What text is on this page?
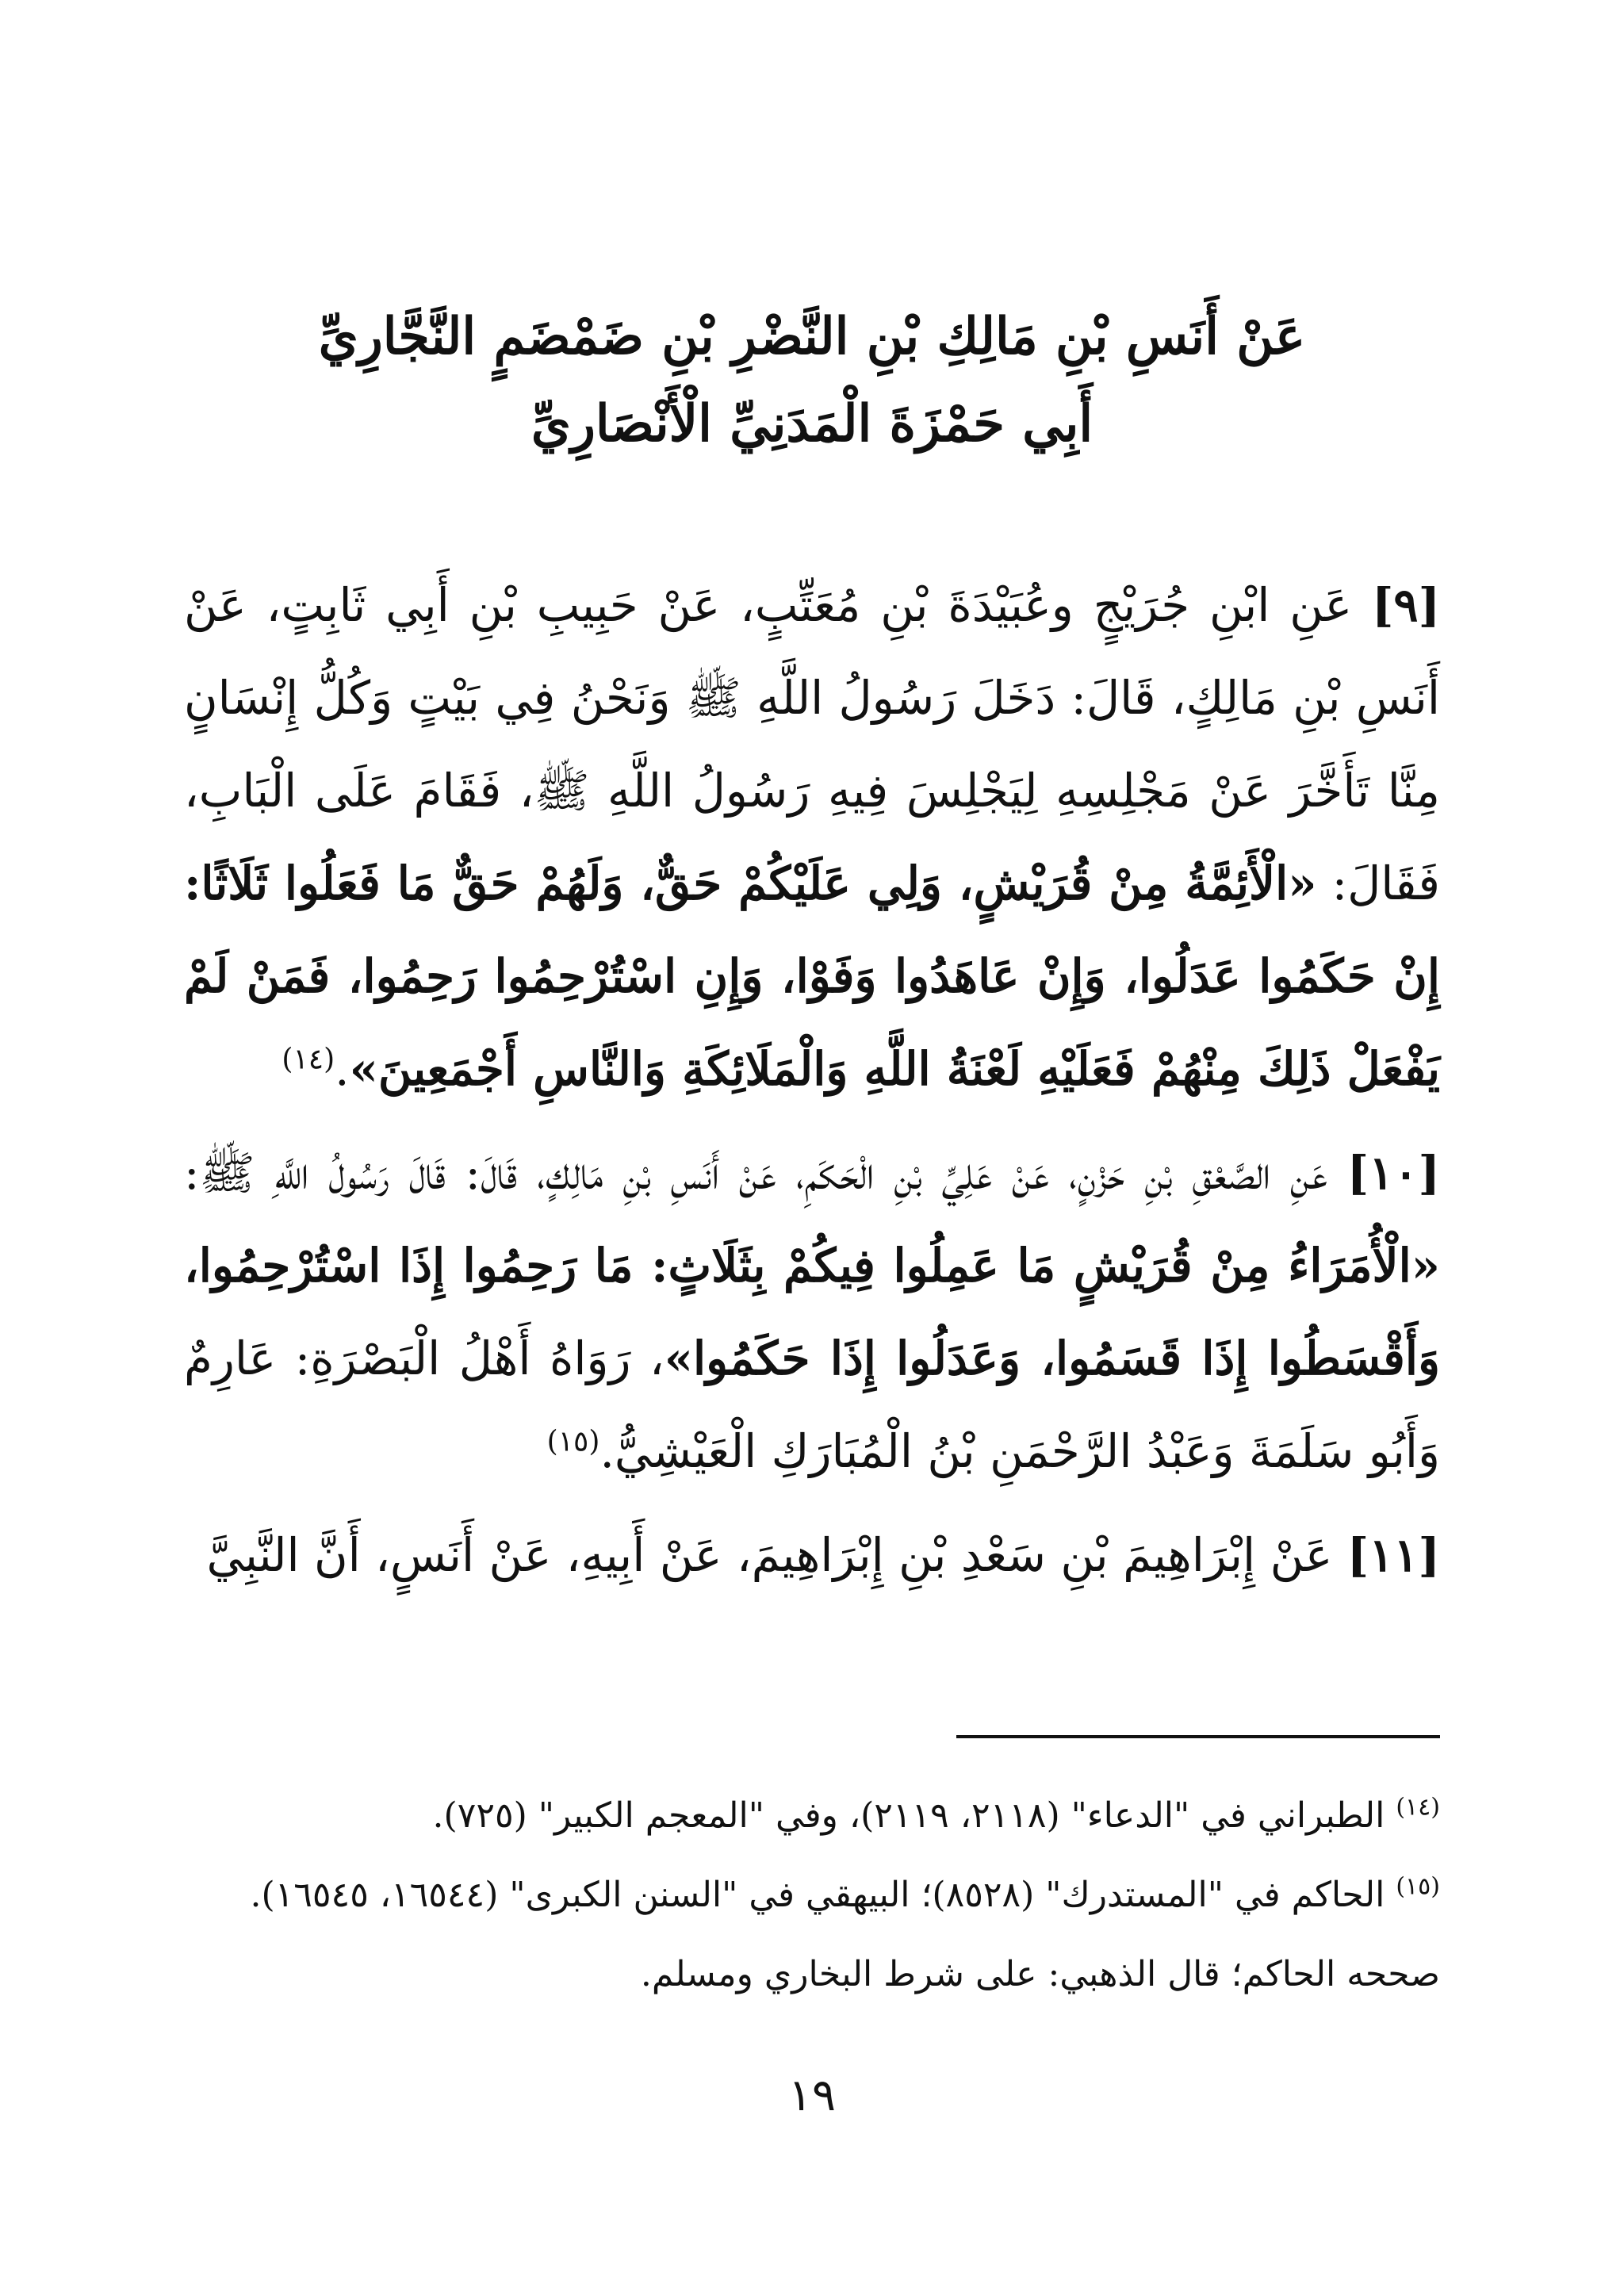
عَنْ أَنَسِ بْنِ مَالِكِ بْنِ النَّضْرِ بْنِ ضَمْضَمٍ النَّجَّارِيِّ
أَبِي حَمْزَةَ الْمَدَنِيِّ الْأَنْصَارِيِّ

[٩] عَنِ ابْنِ جُرَيْجٍ وعُبَيْدَةَ بْنِ مُعَتِّبٍ، عَنْ حَبِيبِ بْنِ أَبِي ثَابِتٍ، عَنْ أَنَسِ بْنِ مَالِكٍ، قَالَ: دَخَلَ رَسُولُ اللَّهِ ﷺ وَنَحْنُ فِي بَيْتٍ وَكُلُّ إِنْسَانٍ مِنَّا تَأَخَّرَ عَنْ مَجْلِسِهِ لِيَجْلِسَ فِيهِ رَسُولُ اللَّهِ ﷺ، فَقَامَ عَلَى الْبَابِ، فَقَالَ: «الْأَئِمَّةُ مِنْ قُرَيْشٍ، وَلِي عَلَيْكُمْ حَقٌّ، وَلَهُمْ حَقٌّ مَا فَعَلُوا ثَلَاثًا: إِنْ حَكَمُوا عَدَلُوا، وَإِنْ عَاهَدُوا وَفَوْا، وَإِنِ اسْتُرْحِمُوا رَحِمُوا، فَمَنْ لَمْ يَفْعَلْ ذَلِكَ مِنْهُمْ فَعَلَيْهِ لَعْنَةُ اللَّهِ وَالْمَلَائِكَةِ وَالنَّاسِ أَجْمَعِينَ».$^{(١٤)}$

[١٠] عَنِ الصَّعْقِ بْنِ حَزْنٍ، عَنْ عَلِيِّ بْنِ الْحَكَمِ، عَنْ أَنَسِ بْنِ مَالِكٍ، قَالَ: قَالَ رَسُولُ اللَّهِ ﷺ: «الْأُمَرَاءُ مِنْ قُرَيْشٍ مَا عَمِلُوا فِيكُمْ بِثَلَاثٍ: مَا رَحِمُوا إِذَا اسْتُرْحِمُوا، وَأَقْسَطُوا إِذَا قَسَمُوا، وَعَدَلُوا إِذَا حَكَمُوا»، رَوَاهُ أَهْلُ الْبَصْرَةِ: عَارِمٌ وَأَبُو سَلَمَةَ وَعَبْدُ الرَّحْمَنِ بْنُ الْمُبَارَكِ الْعَيْشِيُّ.$^{(١٥)}$

[١١] عَنْ إِبْرَاهِيمَ بْنِ سَعْدِ بْنِ إِبْرَاهِيمَ، عَنْ أَبِيهِ، عَنْ أَنَسٍ، أَنَّ النَّبِيَّ

$^{(١٤)}$ الطبراني في "الدعاء" (٢١١٨، ٢١١٩)، وفي "المعجم الكبير" (٧٢٥).

$^{(١٥)}$ الحاكم في "المستدرك" (٨٥٢٨)؛ البيهقي في "السنن الكبرى" (١٦٥٤٤، ١٦٥٤٥).

صححه الحاكم؛ قال الذهبي: على شرط البخاري ومسلم.

١٩
